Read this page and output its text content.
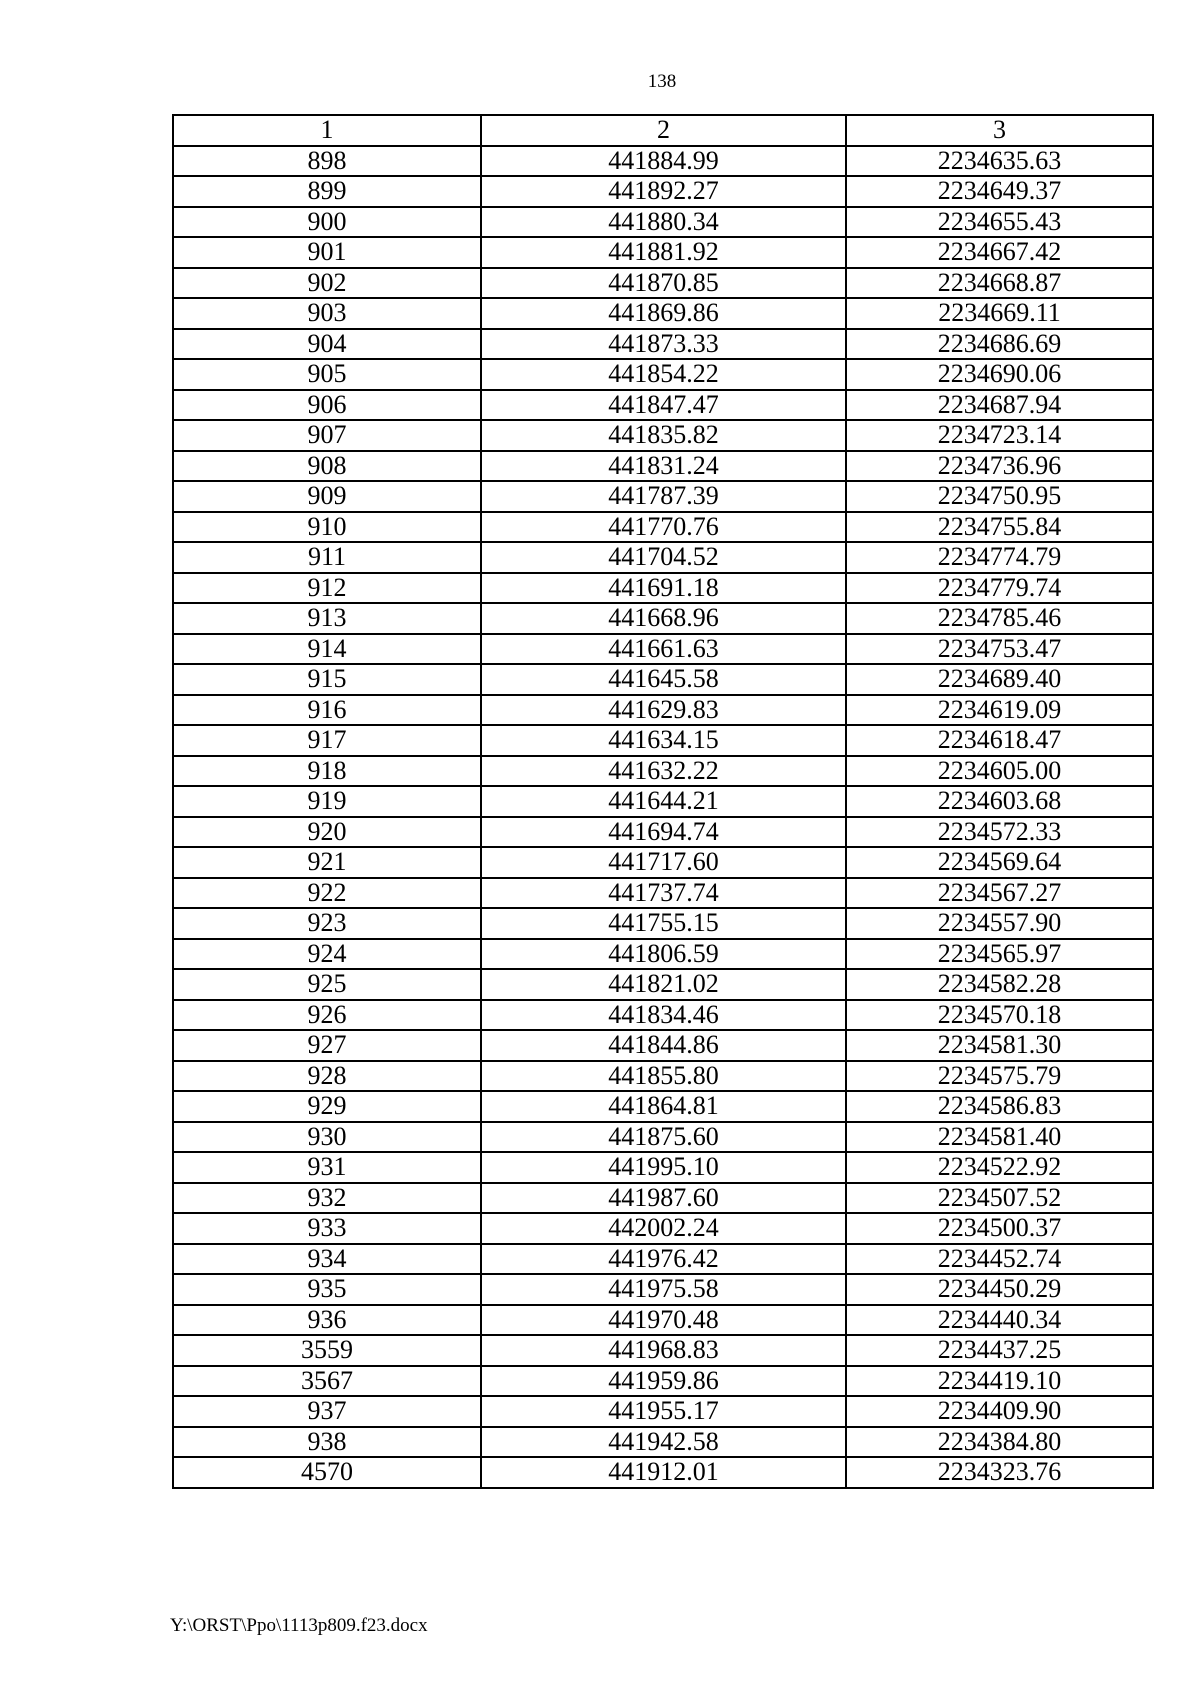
138
1	2	3
898	441884.99	2234635.63
899	441892.27	2234649.37
900	441880.34	2234655.43
901	441881.92	2234667.42
902	441870.85	2234668.87
903	441869.86	2234669.11
904	441873.33	2234686.69
905	441854.22	2234690.06
906	441847.47	2234687.94
907	441835.82	2234723.14
908	441831.24	2234736.96
909	441787.39	2234750.95
910	441770.76	2234755.84
911	441704.52	2234774.79
912	441691.18	2234779.74
913	441668.96	2234785.46
914	441661.63	2234753.47
915	441645.58	2234689.40
916	441629.83	2234619.09
917	441634.15	2234618.47
918	441632.22	2234605.00
919	441644.21	2234603.68
920	441694.74	2234572.33
921	441717.60	2234569.64
922	441737.74	2234567.27
923	441755.15	2234557.90
924	441806.59	2234565.97
925	441821.02	2234582.28
926	441834.46	2234570.18
927	441844.86	2234581.30
928	441855.80	2234575.79
929	441864.81	2234586.83
930	441875.60	2234581.40
931	441995.10	2234522.92
932	441987.60	2234507.52
933	442002.24	2234500.37
934	441976.42	2234452.74
935	441975.58	2234450.29
936	441970.48	2234440.34
3559	441968.83	2234437.25
3567	441959.86	2234419.10
937	441955.17	2234409.90
938	441942.58	2234384.80
4570	441912.01	2234323.76
Y:\ORST\Ppo\1113p809.f23.docx
